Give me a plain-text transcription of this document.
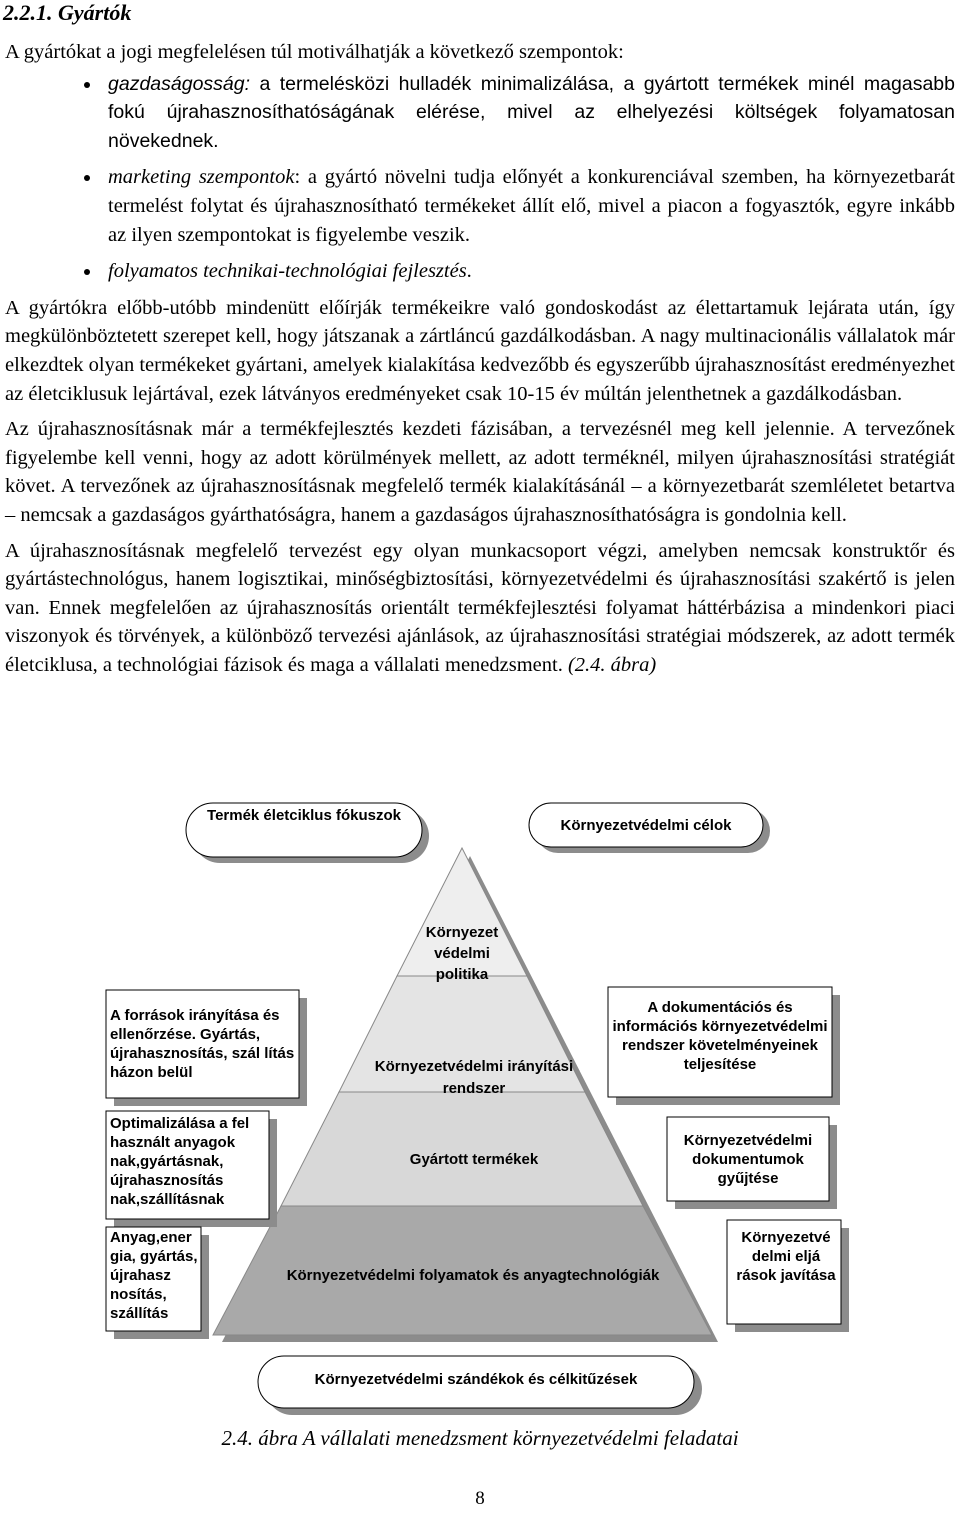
2.2.1. Gyártók

A gyártókat a jogi megfelelésen túl motiválhatják a következő szempontok:

gazdaságosság: a termelésközi hulladék minimalizálása, a gyártott termékek minél magasabb fokú újrahasznosíthatóságának elérése, mivel az elhelyezési költségek folyamatosan növekednek.
marketing szempontok: a gyártó növelni tudja előnyét a konkurenciával szemben, ha környezetbarát termelést folytat és újrahasznosítható termékeket állít elő, mivel a piacon a fogyasztók, egyre inkább az ilyen szempontokat is figyelembe veszik.
folyamatos technikai-technológiai fejlesztés.

A gyártókra előbb-utóbb mindenütt előírják termékeikre való gondoskodást az élettartamuk lejárata után, így megkülönböztetett szerepet kell, hogy játszanak a zártláncú gazdálkodásban. A nagy multinacionális vállalatok már elkezdtek olyan termékeket gyártani, amelyek kialakítása kedvezőbb és egyszerűbb újrahasznosítást eredményezhet az életciklusuk lejártával, ezek látványos eredményeket csak 10-15 év múltán jelenthetnek a gazdálkodásban.

Az újrahasznosításnak már a termékfejlesztés kezdeti fázisában, a tervezésnél meg kell jelennie. A tervezőnek figyelembe kell venni, hogy az adott körülmények mellett, az adott terméknél, milyen újrahasznosítási stratégiát követ. A tervezőnek az újrahasznosításnak megfelelő termék kialakításánál – a környezetbarát szemléletet betartva – nemcsak a gazdaságos gyárthatóságra, hanem a gazdaságos újrahasznosíthatóságra is gondolnia kell.

A újrahasznosításnak megfelelő tervezést egy olyan munkacsoport végzi, amelyben nemcsak konstruktőr és gyártástechnológus, hanem logisztikai, minőségbiztosítási, környezetvédelmi és újrahasznosítási szakértő is jelen van. Ennek megfelelően az újrahasznosítás orientált termékfejlesztési folyamat háttérbázisa a mindenkori piaci viszonyok és törvények, a különböző tervezési ajánlások, az újrahasznosítási stratégiai módszerek, az adott termék életciklusa, a technológiai fázisok és maga a vállalati menedzsment. (2.4. ábra)

Termék életciklus fókuszok
Környezetvédelmi célok
Környezet védelmi politika
Környezetvédelmi irányítási rendszer
Gyártott termékek
Környezetvédelmi folyamatok és anyagtechnológiák
A források irányítása és ellenőrzése. Gyártás, újrahasznosítás, szál lítás házon belül
Optimalizálása a fel használt anyagok nak,gyártásnak, újrahasznosítás nak,szállításnak
Anyag,ener gia, gyártás, újrahasz nosítás, szállítás
A dokumentációs és információs környezetvédelmi rendszer követelményeinek teljesítése
Környezetvédelmi dokumentumok gyűjtése
Környezetvé delmi eljá rások javítása
Környezetvédelmi szándékok és célkitűzések
2.4. ábra A vállalati menedzsment környezetvédelmi feladatai
8
